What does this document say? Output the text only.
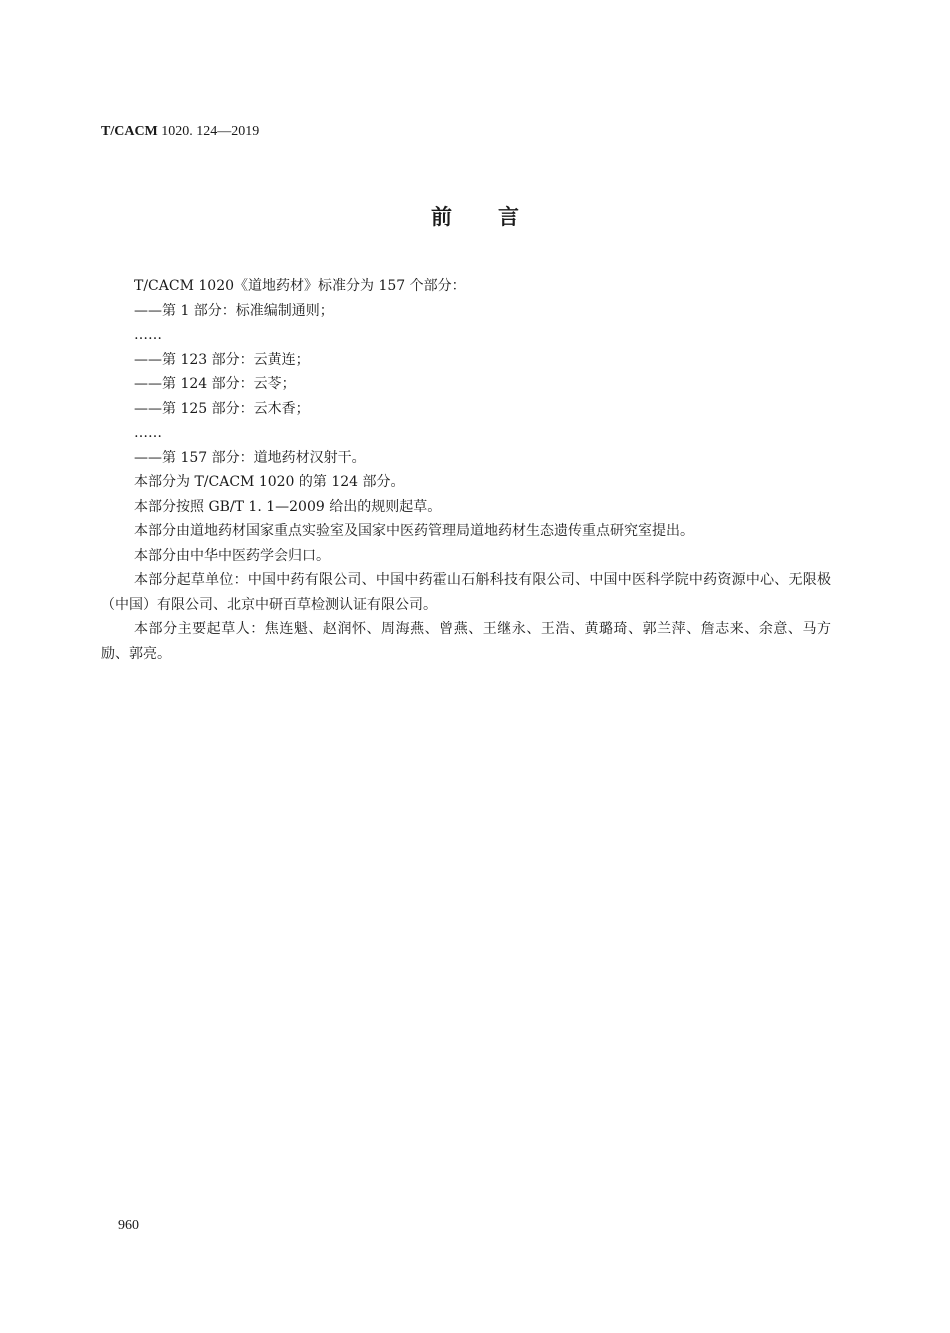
T/CACM 1020. 124—2019
前言

T/CACM 1020《道地药材》标准分为 157 个部分：

——第 1 部分：标准编制通则；

……

——第 123 部分：云黄连；

——第 124 部分：云苓；

——第 125 部分：云木香；

……

——第 157 部分：道地药材汉射干。

本部分为 T/CACM 1020 的第 124 部分。

本部分按照 GB/T 1. 1—2009 给出的规则起草。

本部分由道地药材国家重点实验室及国家中医药管理局道地药材生态遗传重点研究室提出。

本部分由中华中医药学会归口。

本部分起草单位：中国中药有限公司、中国中药霍山石斛科技有限公司、中国中医科学院中药资源中心、无限极（中国）有限公司、北京中研百草检测认证有限公司。

本部分主要起草人：焦连魁、赵润怀、周海燕、曾燕、王继永、王浩、黄璐琦、郭兰萍、詹志来、余意、马方励、郭亮。

960
